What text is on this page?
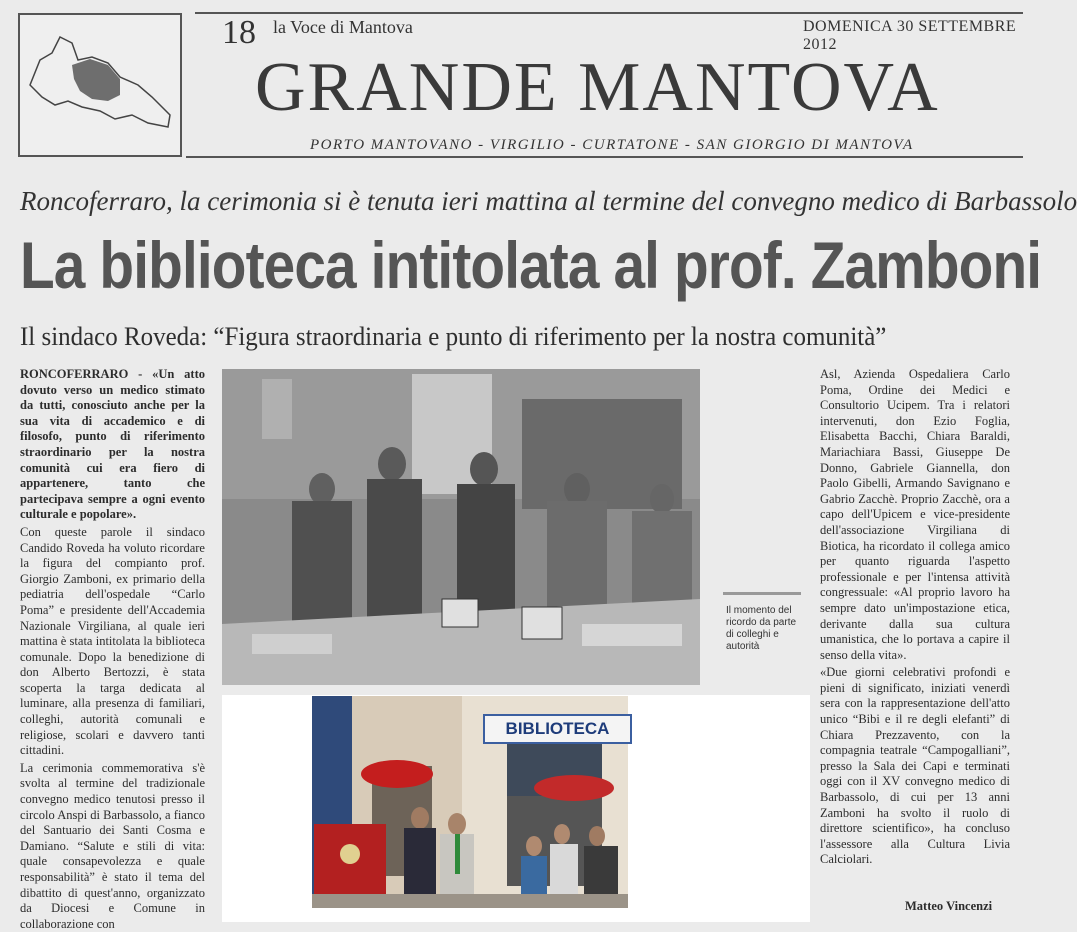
18 la Voce di Mantova	DOMENICA 30 SETTEMBRE 2012
GRANDE MANTOVA
PORTO MANTOVANO - VIRGILIO - CURTATONE - SAN GIORGIO DI MANTOVA
Roncoferraro, la cerimonia si è tenuta ieri mattina al termine del convegno medico di Barbassolo
La biblioteca intitolata al prof. Zamboni
Il sindaco Roveda: “Figura straordinaria e punto di riferimento per la nostra comunità”

RONCOFERRARO - «Un atto dovuto verso un medico stimato da tutti, conosciuto anche per la sua vita di accademico e di filosofo, punto di riferimento straordinario per la nostra comunità cui era fiero di appartenere, tanto che partecipava sempre a ogni evento culturale e popolare».

Con queste parole il sindaco Candido Roveda ha voluto ricordare la figura del compianto prof. Giorgio Zamboni, ex primario della pediatria dell'ospedale “Carlo Poma” e presidente dell'Accademia Nazionale Virgiliana, al quale ieri mattina è stata intitolata la biblioteca comunale. Dopo la benedizione di don Alberto Bertozzi, è stata scoperta la targa dedicata al luminare, alla presenza di familiari, colleghi, autorità comunali e religiose, scolari e davvero tanti cittadini.

La cerimonia commemorativa s'è svolta al termine del tradizionale convegno medico tenutosi presso il circolo Anspi di Barbassolo, a fianco del Santuario dei Santi Cosma e Damiano. “Salute e stili di vita: quale consapevolezza e quale responsabilità” è stato il tema del dibattito di quest'anno, organizzato da Diocesi e Comune in collaborazione con

Il momento del ricordo da parte di colleghi e autorità
BIBLIOTECA

Asl, Azienda Ospedaliera Carlo Poma, Ordine dei Medici e Consultorio Ucipem. Tra i relatori intervenuti, don Ezio Foglia, Elisabetta Bacchi, Chiara Baraldi, Mariachiara Bassi, Giuseppe De Donno, Gabriele Giannella, don Paolo Gibelli, Armando Savignano e Gabrio Zacchè. Proprio Zacchè, ora a capo dell'Upicem e vice-presidente dell'associazione Virgiliana di Biotica, ha ricordato il collega amico per quanto riguarda l'aspetto professionale e per l'intensa attività congressuale: «Al proprio lavoro ha sempre dato un'impostazione etica, derivante dalla sua cultura umanistica, che lo portava a capire il senso della vita».

«Due giorni celebrativi profondi e pieni di significato, iniziati venerdì sera con la rappresentazione dell'atto unico “Bibi e il re degli elefanti” di Chiara Prezzavento, con la compagnia teatrale “Campogalliani”, presso la Sala dei Capi e terminati oggi con il XV convegno medico di Barbassolo, di cui per 13 anni Zamboni ha svolto il ruolo di direttore scientifico», ha concluso l'assessore alla Cultura Livia Calciolari.

Matteo Vincenzi
